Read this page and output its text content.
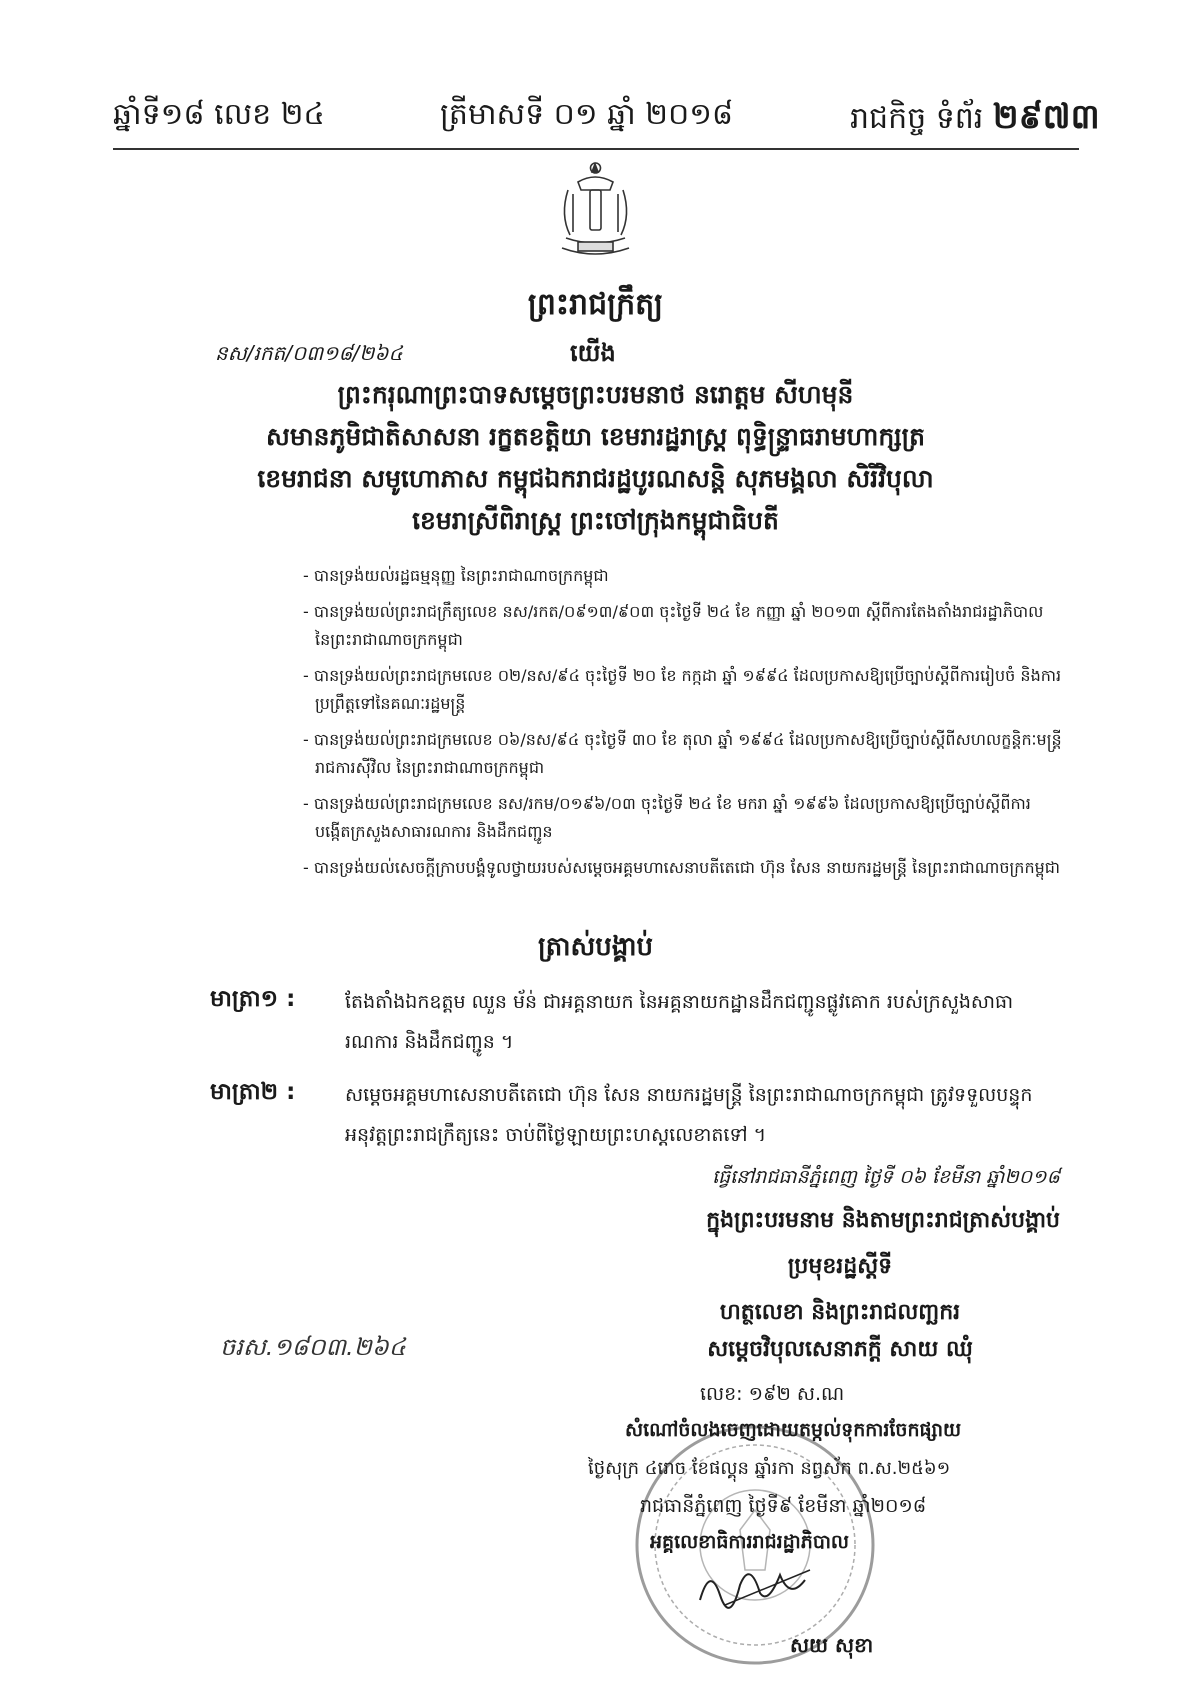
ឆ្នាំទី១៨ លេខ ២៤	ត្រីមាសទី ០១ ឆ្នាំ ២០១៨	រាជកិច្ច ទំព័រ ២៩៧៣
ព្រះរាជក្រឹត្យ
នស/រកត/០៣១៨/២៦៤	យើង
ព្រះករុណាព្រះបាទសម្តេចព្រះបរមនាថ នរោត្តម សីហមុនី
សមានភូមិជាតិសាសនា រក្ខតខត្តិយា ខេមរារដ្ឋរាស្ត្រ ពុទ្ធិន្ទ្រាធរាមហាក្សត្រ
ខេមរាជនា សមូហោភាស កម្ពុជឯករាជរដ្ឋបូរណសន្តិ សុភមង្គលា សិរីវិបុលា
ខេមរាស្រីពិរាស្ត្រ ព្រះចៅក្រុងកម្ពុជាធិបតី
- បានទ្រង់យល់រដ្ឋធម្មនុញ្ញ នៃព្រះរាជាណាចក្រកម្ពុជា
- បានទ្រង់យល់ព្រះរាជក្រឹត្យលេខ នស/រកត/០៩១៣/៩០៣ ចុះថ្ងៃទី ២៤ ខែ កញ្ញា ឆ្នាំ ២០១៣ ស្តីពីការតែងតាំងរាជរដ្ឋាភិបាល នៃព្រះរាជាណាចក្រកម្ពុជា
- បានទ្រង់យល់ព្រះរាជក្រមលេខ ០២/នស/៩៤ ចុះថ្ងៃទី ២០ ខែ កក្កដា ឆ្នាំ ១៩៩៤ ដែលប្រកាសឱ្យប្រើច្បាប់ស្តីពីការរៀបចំ និងការប្រព្រឹត្តទៅនៃគណៈរដ្ឋមន្ត្រី
- បានទ្រង់យល់ព្រះរាជក្រមលេខ ០៦/នស/៩៤ ចុះថ្ងៃទី ៣០ ខែ តុលា ឆ្នាំ ១៩៩៤ ដែលប្រកាសឱ្យប្រើច្បាប់ស្តីពីសហលក្ខន្តិកៈមន្ត្រីរាជការស៊ីវិល នៃព្រះរាជាណាចក្រកម្ពុជា
- បានទ្រង់យល់ព្រះរាជក្រមលេខ នស/រកម/០១៩៦/០៣ ចុះថ្ងៃទី ២៤ ខែ មករា ឆ្នាំ ១៩៩៦ ដែលប្រកាសឱ្យប្រើច្បាប់ស្តីពីការបង្កើតក្រសួងសាធារណការ និងដឹកជញ្ជូន
- បានទ្រង់យល់សេចក្តីក្រាបបង្គំទូលថ្វាយរបស់សម្តេចអគ្គមហាសេនាបតីតេជោ ហ៊ុន សែន នាយករដ្ឋមន្ត្រី នៃព្រះរាជាណាចក្រកម្ពុជា
ត្រាស់បង្គាប់
មាត្រា១ :	តែងតាំងឯកឧត្តម ឈួន ម័ន់ ជាអគ្គនាយក នៃអគ្គនាយកដ្ឋានដឹកជញ្ជូនផ្លូវគោក របស់ក្រសួងសាធារណការ និងដឹកជញ្ជូន ។
មាត្រា២ :	សម្តេចអគ្គមហាសេនាបតីតេជោ ហ៊ុន សែន នាយករដ្ឋមន្ត្រី នៃព្រះរាជាណាចក្រកម្ពុជា ត្រូវទទួលបន្ទុកអនុវត្តព្រះរាជក្រឹត្យនេះ ចាប់ពីថ្ងៃឡាយព្រះហស្តលេខាតទៅ ។
ធ្វើនៅរាជធានីភ្នំពេញ ថ្ងៃទី ០៦ ខែមីនា ឆ្នាំ២០១៨
ក្នុងព្រះបរមនាម និងតាមព្រះរាជត្រាស់បង្គាប់
ប្រមុខរដ្ឋស្តីទី
ហត្ថលេខា និងព្រះរាជលញ្ឆករ
សម្តេចវិបុលសេនាភក្តី សាយ ឈុំ
ចរស.១៨០៣.២៦៤
លេខ: ១៩២ ស.ណ
សំណៅចំលងចេញដោយតម្កល់ទុកការចែកផ្សាយ
ថ្ងៃសុក្រ ៤រោច ខែផល្គុន ឆ្នាំរកា នព្វស័ក ព.ស.២៥៦១
រាជធានីភ្នំពេញ ថ្ងៃទី៩ ខែមីនា ឆ្នាំ២០១៨
អគ្គលេខាធិការរាជរដ្ឋាភិបាល
សយ សុខា
